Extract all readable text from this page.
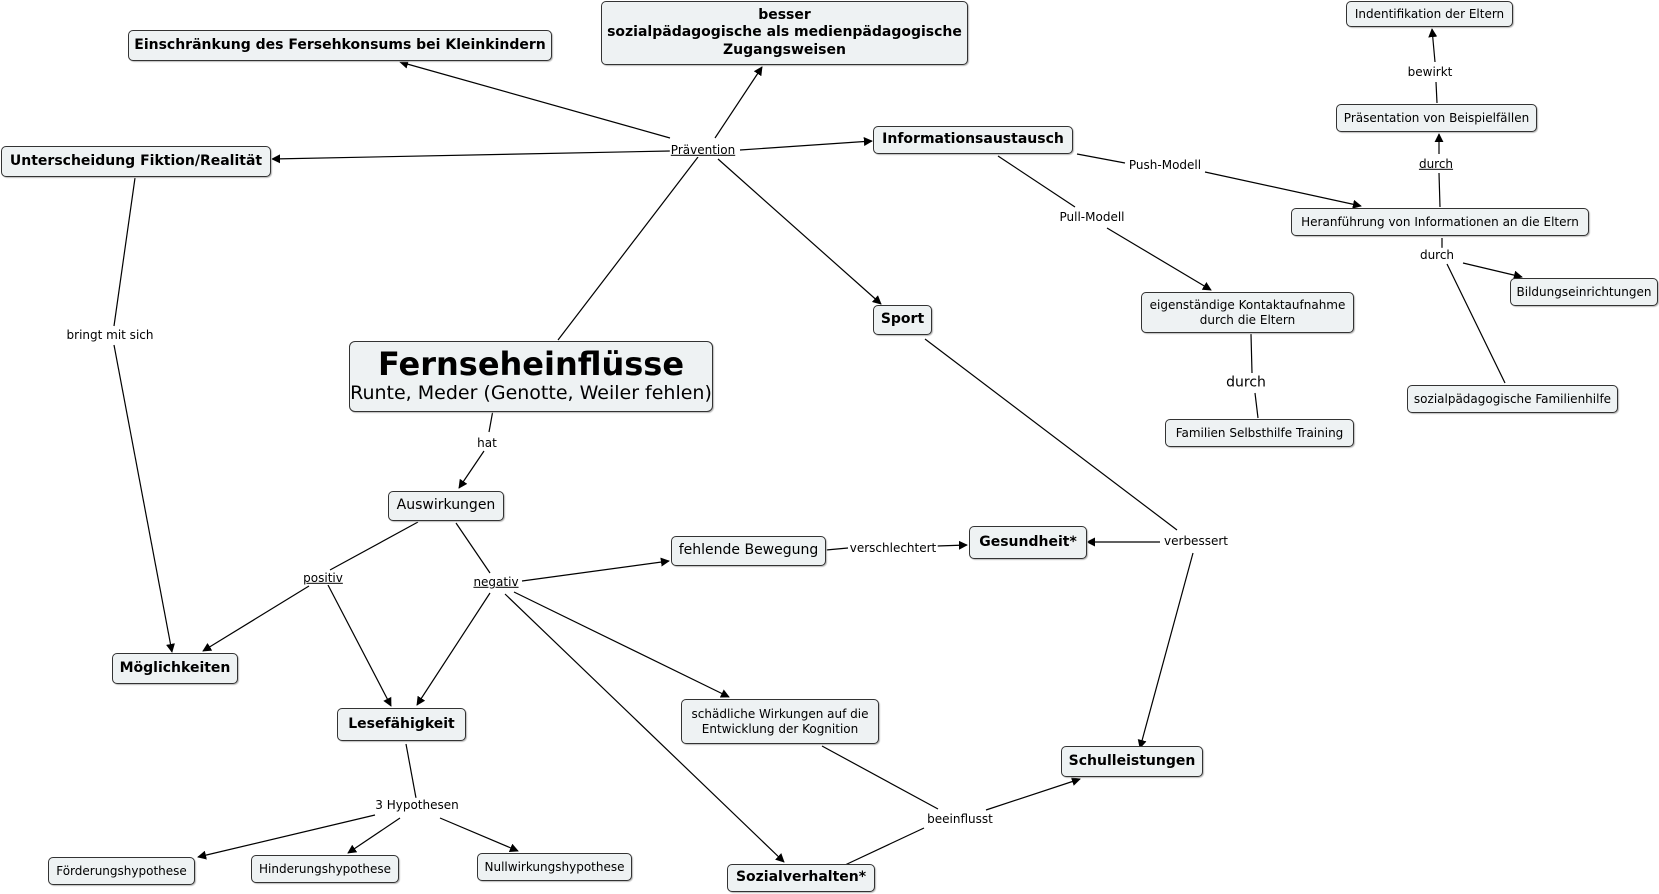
Prävention
Push-Modell
Pull-Modell
durch
bewirkt
durch
durch
bringt mit sich
hat
positiv	negativ
verschlechtert	verbessert
3 Hypothesen
beeinflusst
Fernseheinflüsse
Runte, Meder (Genotte, Weiler fehlen)
Einschränkung des Fersehkonsums bei Kleinkindern
besser
sozialpädagogische als medienpädagogische
Zugangsweisen
Unterscheidung Fiktion/Realität
Informationsaustausch
Sport
eigenständige Kontaktaufnahme
durch die Eltern
Familien Selbsthilfe Training
Indentifikation der Eltern
Präsentation von Beispielfällen
Heranführung von Informationen an die Eltern
Bildungseinrichtungen
sozialpädagogische Familienhilfe
Auswirkungen
fehlende Bewegung
Gesundheit*
Möglichkeiten
Lesefähigkeit
schädliche Wirkungen auf die
Entwicklung der Kognition
Schulleistungen
Förderungshypothese	Hinderungshypothese	Nullwirkungshypothese
Sozialverhalten*
